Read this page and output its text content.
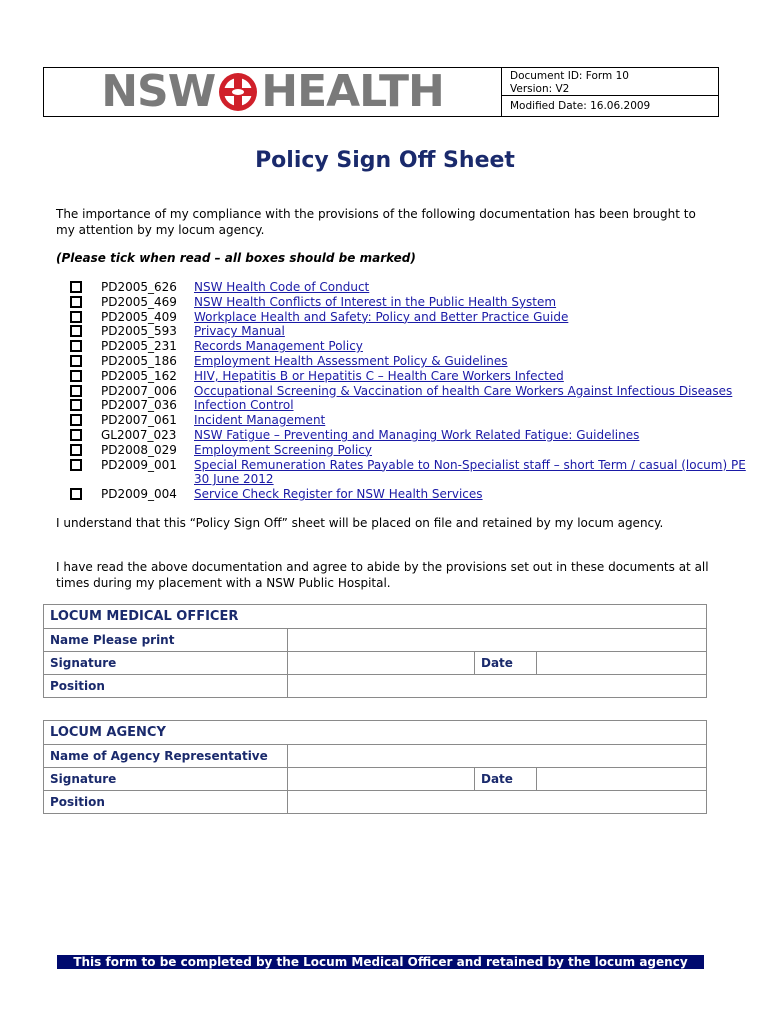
NSW HEALTH	Document ID: Form 10
Version: V2
Modified Date: 16.06.2009
Policy Sign Off Sheet
The importance of my compliance with the provisions of the following documentation has been brought to my attention by my locum agency.
(Please tick when read – all boxes should be marked)
PD2005_626	NSW Health Code of Conduct
PD2005_469	NSW Health Conflicts of Interest in the Public Health System
PD2005_409	Workplace Health and Safety: Policy and Better Practice Guide
PD2005_593	Privacy Manual
PD2005_231	Records Management Policy
PD2005_186	Employment Health Assessment Policy & Guidelines
PD2005_162	HIV, Hepatitis B or Hepatitis C – Health Care Workers Infected
PD2007_006	Occupational Screening & Vaccination of health Care Workers Against Infectious Diseases
PD2007_036	Infection Control
PD2007_061	Incident Management
GL2007_023	NSW Fatigue – Preventing and Managing Work Related Fatigue: Guidelines
PD2008_029	Employment Screening Policy
PD2009_001	Special Remuneration Rates Payable to Non-Specialist staff – short Term / casual (locum) PE
30 June 2012
PD2009_004	Service Check Register for NSW Health Services
I understand that this “Policy Sign Off” sheet will be placed on file and retained by my locum agency.
I have read the above documentation and agree to abide by the provisions set out in these documents at all times during my placement with a NSW Public Hospital.
LOCUM MEDICAL OFFICER			
Name Please print			
Signature		Date	
Position			
LOCUM AGENCY			
Name of Agency Representative			
Signature		Date	
Position			
This form to be completed by the Locum Medical Officer and retained by the locum agency
